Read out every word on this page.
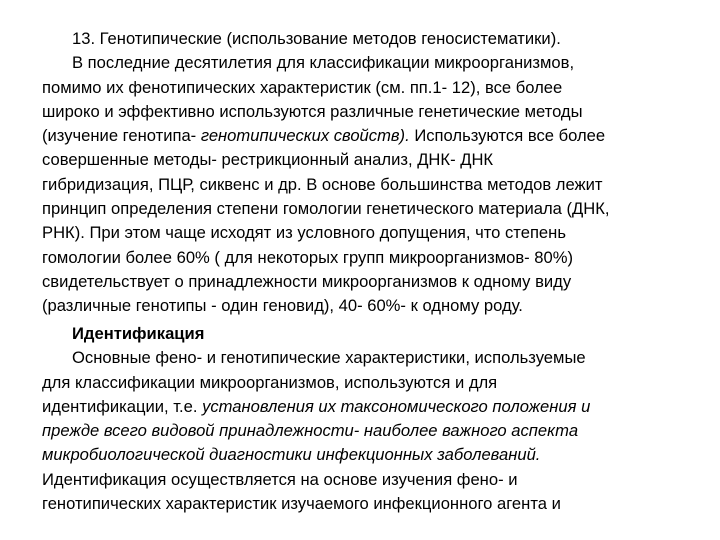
13. Генотипические (использование методов геносистематики).
В последние десятилетия для классификации микроорганизмов,
помимо их фенотипических характеристик (см. пп.1- 12), все более
широко и эффективно используются различные генетические методы
(изучение генотипа- генотипических свойств). Используются все более
совершенные методы- рестрикционный анализ, ДНК- ДНК
гибридизация, ПЦР, сиквенс и др. В основе большинства методов лежит
принцип определения степени гомологии генетического материала (ДНК,
РНК). При этом чаще исходят из условного допущения, что степень
гомологии более 60% ( для некоторых групп микроорганизмов- 80%)
свидетельствует о принадлежности микроорганизмов к одному виду
(различные генотипы - один геновид), 40- 60%- к одному роду.
Идентификация
Основные фено- и генотипические характеристики, используемые
для классификации микроорганизмов, используются и для
идентификации, т.е. установления их таксономического положения и
прежде всего видовой принадлежности- наиболее важного аспекта
микробиологической диагностики инфекционных заболеваний.
Идентификация осуществляется на основе изучения фено- и
генотипических характеристик изучаемого инфекционного агента и
